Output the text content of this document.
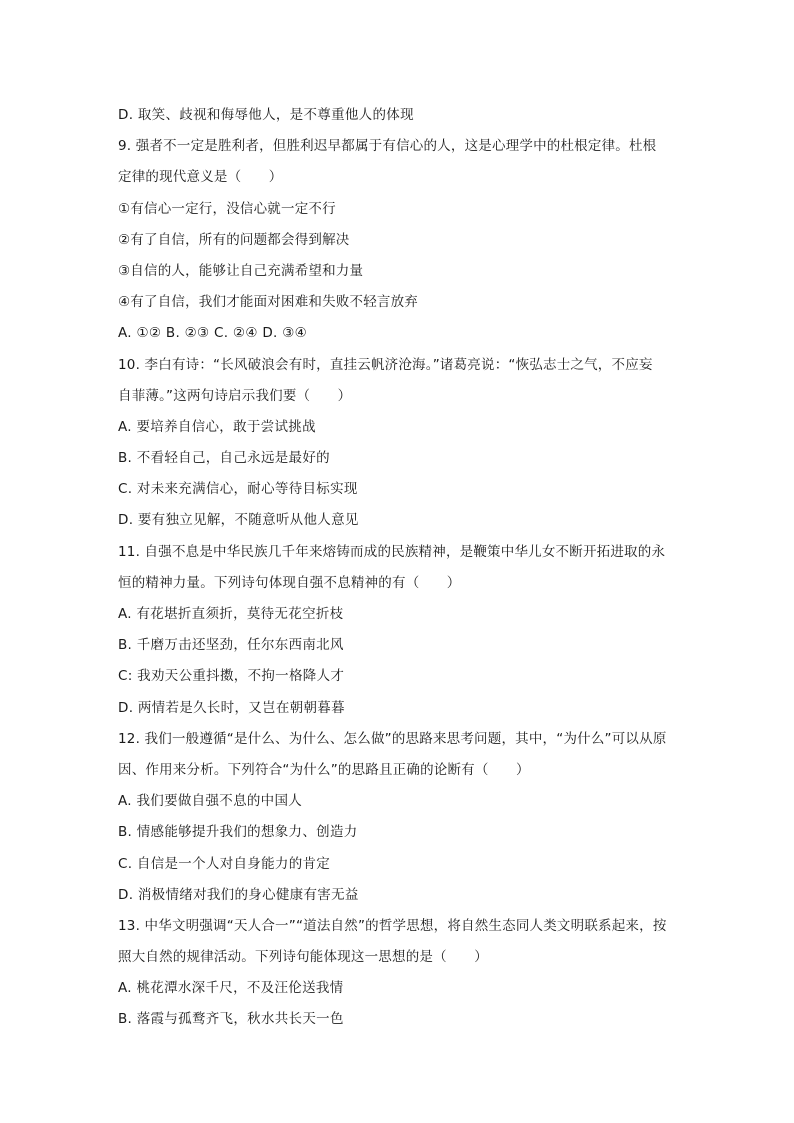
D. 取笑、歧视和侮辱他人，是不尊重他人的体现
9. 强者不一定是胜利者，但胜利迟早都属于有信心的人，这是心理学中的杜根定律。杜根
定律的现代意义是（　　）
①有信心一定行，没信心就一定不行
②有了自信，所有的问题都会得到解决
③自信的人，能够让自己充满希望和力量
④有了自信，我们才能面对困难和失败不轻言放弃
A. ①② B. ②③ C. ②④ D. ③④
10. 李白有诗：“长风破浪会有时，直挂云帆济沧海。”诸葛亮说：“恢弘志士之气，不应妄
自菲薄。”这两句诗启示我们要（　　）
A. 要培养自信心，敢于尝试挑战
B. 不看轻自己，自己永远是最好的
C. 对未来充满信心，耐心等待目标实现
D. 要有独立见解，不随意听从他人意见
11. 自强不息是中华民族几千年来熔铸而成的民族精神，是鞭策中华儿女不断开拓进取的永
恒的精神力量。下列诗句体现自强不息精神的有（　　）
A. 有花堪折直须折，莫待无花空折枝
B. 千磨万击还坚劲，任尔东西南北风
C: 我劝天公重抖擞，不拘一格降人才
D. 两情若是久长时，又岂在朝朝暮暮
12. 我们一般遵循“是什么、为什么、怎么做”的思路来思考问题，其中，“为什么”可以从原
因、作用来分析。下列符合“为什么”的思路且正确的论断有（　　）
A. 我们要做自强不息的中国人
B. 情感能够提升我们的想象力、创造力
C. 自信是一个人对自身能力的肯定
D. 消极情绪对我们的身心健康有害无益
13. 中华文明强调“天人合一”“道法自然”的哲学思想，将自然生态同人类文明联系起来，按
照大自然的规律活动。下列诗句能体现这一思想的是（　　）
A. 桃花潭水深千尺，不及汪伦送我情
B. 落霞与孤鹜齐飞，秋水共长天一色
